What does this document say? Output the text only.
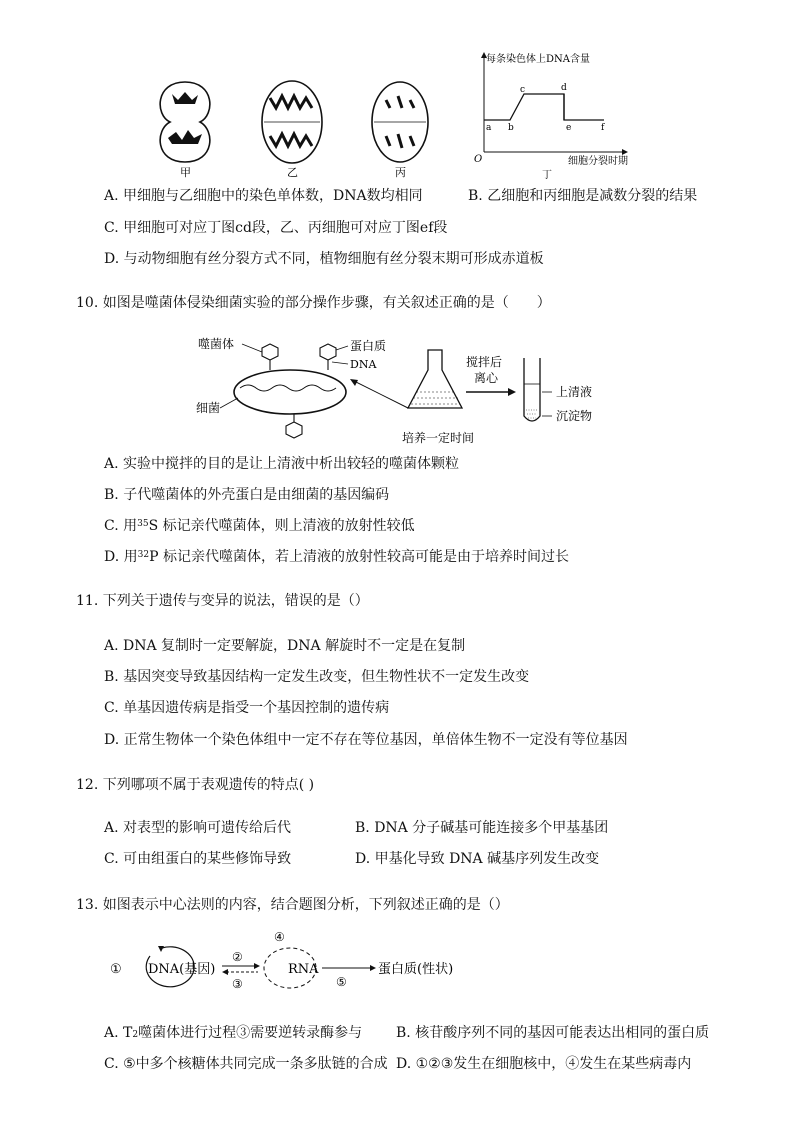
甲	乙	丙
每条染色体上DNA含量
a b
c	d
e	f
O	细胞分裂时期
丁
A. 甲细胞与乙细胞中的染色单体数，DNA数均相同	B. 乙细胞和丙细胞是减数分裂的结果
C. 甲细胞可对应丁图cd段，乙、丙细胞可对应丁图ef段
D. 与动物细胞有丝分裂方式不同，植物细胞有丝分裂末期可形成赤道板
10. 如图是噬菌体侵染细菌实验的部分操作步骤，有关叙述正确的是（　　）
噬菌体	蛋白质
DNA
细菌
培养一定时间
搅拌后
离心
上清液
沉淀物
A. 实验中搅拌的目的是让上清液中析出较轻的噬菌体颗粒
B. 子代噬菌体的外壳蛋白是由细菌的基因编码
C. 用$^{35}$S 标记亲代噬菌体，则上清液的放射性较低
D. 用$^{32}$P 标记亲代噬菌体，若上清液的放射性较高可能是由于培养时间过长
11. 下列关于遗传与变异的说法，错误的是（）
A. DNA 复制时一定要解旋，DNA 解旋时不一定是在复制
B. 基因突变导致基因结构一定发生改变，但生物性状不一定发生改变
C. 单基因遗传病是指受一个基因控制的遗传病
D. 正常生物体一个染色体组中一定不存在等位基因，单倍体生物不一定没有等位基因
12. 下列哪项不属于表观遗传的特点( )
A. 对表型的影响可遗传给后代	B. DNA 分子碱基可能连接多个甲基基团
C. 可由组蛋白的某些修饰导致	D. 甲基化导致 DNA 碱基序列发生改变
13. 如图表示中心法则的内容，结合题图分析，下列叙述正确的是（）
① DNA(基因)
②
③
④
RNA
⑤
蛋白质(性状)
A. $T_2$噬菌体进行过程③需要逆转录酶参与 B. 核苷酸序列不同的基因可能表达出相同的蛋白质
C. ⑤中多个核糖体共同完成一条多肽链的合成 D. ①②③发生在细胞核中，④发生在某些病毒内
